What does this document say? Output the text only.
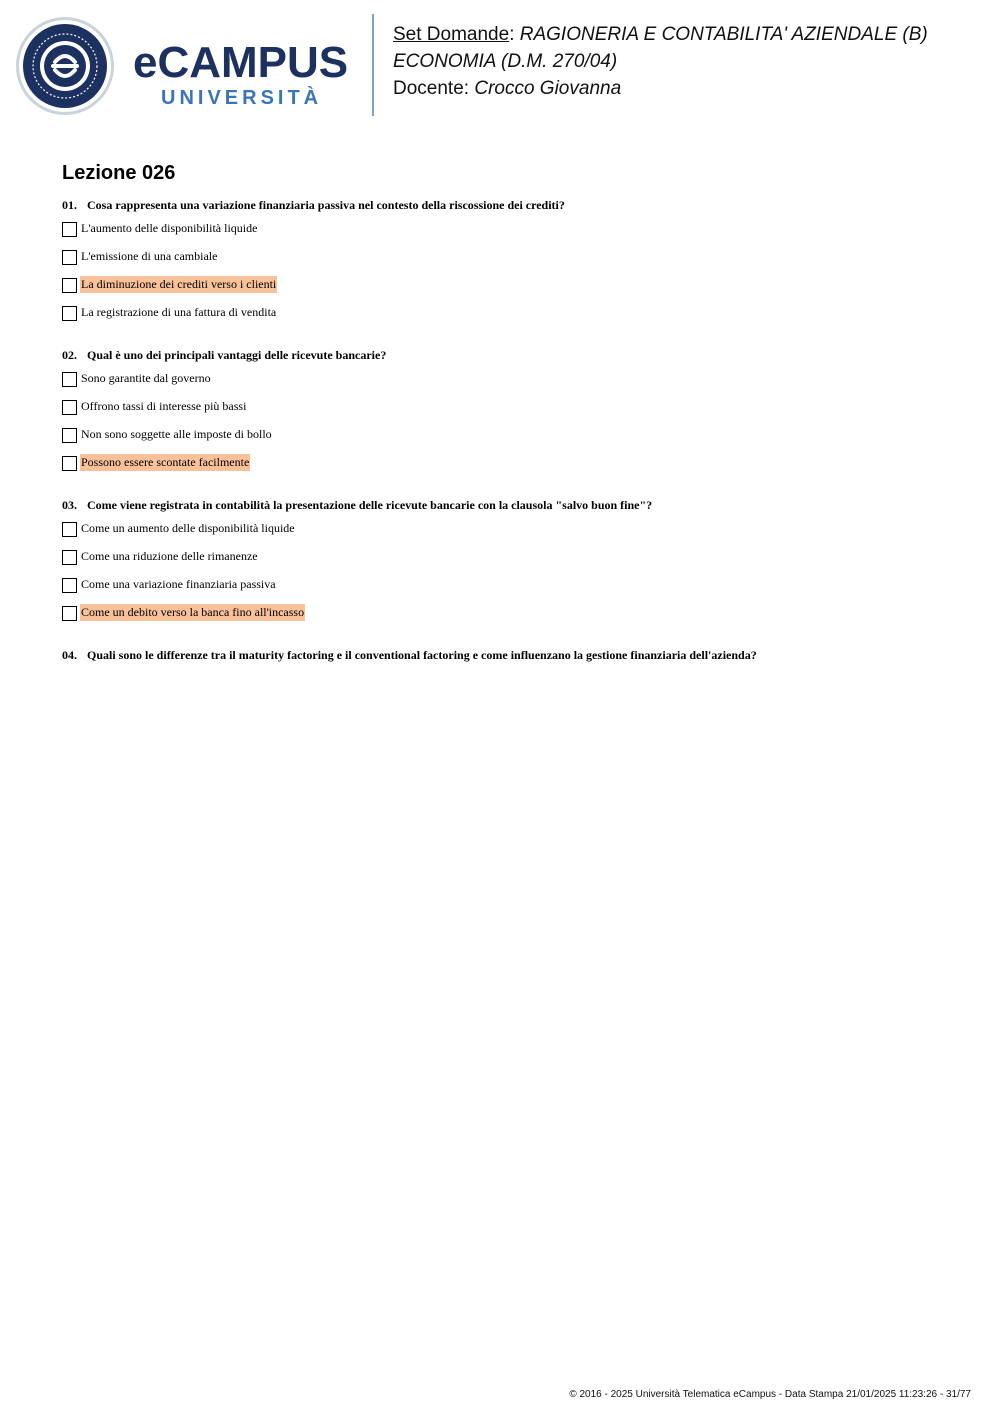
eCAMPUS
UNIVERSITÀ
Set Domande: RAGIONERIA E CONTABILITA' AZIENDALE (B) ECONOMIA (D.M. 270/04)
Docente: Crocco Giovanna
Lezione 026
01. Cosa rappresenta una variazione finanziaria passiva nel contesto della riscossione dei crediti?
L'aumento delle disponibilità liquide
L'emissione di una cambiale
La diminuzione dei crediti verso i clienti
La registrazione di una fattura di vendita
02. Qual è uno dei principali vantaggi delle ricevute bancarie?
Sono garantite dal governo
Offrono tassi di interesse più bassi
Non sono soggette alle imposte di bollo
Possono essere scontate facilmente
03. Come viene registrata in contabilità la presentazione delle ricevute bancarie con la clausola "salvo buon fine"?
Come un aumento delle disponibilità liquide
Come una riduzione delle rimanenze
Come una variazione finanziaria passiva
Come un debito verso la banca fino all'incasso
04. Quali sono le differenze tra il maturity factoring e il conventional factoring e come influenzano la gestione finanziaria dell'azienda?
© 2016 - 2025 Università Telematica eCampus - Data Stampa 21/01/2025 11:23:26 - 31/77
